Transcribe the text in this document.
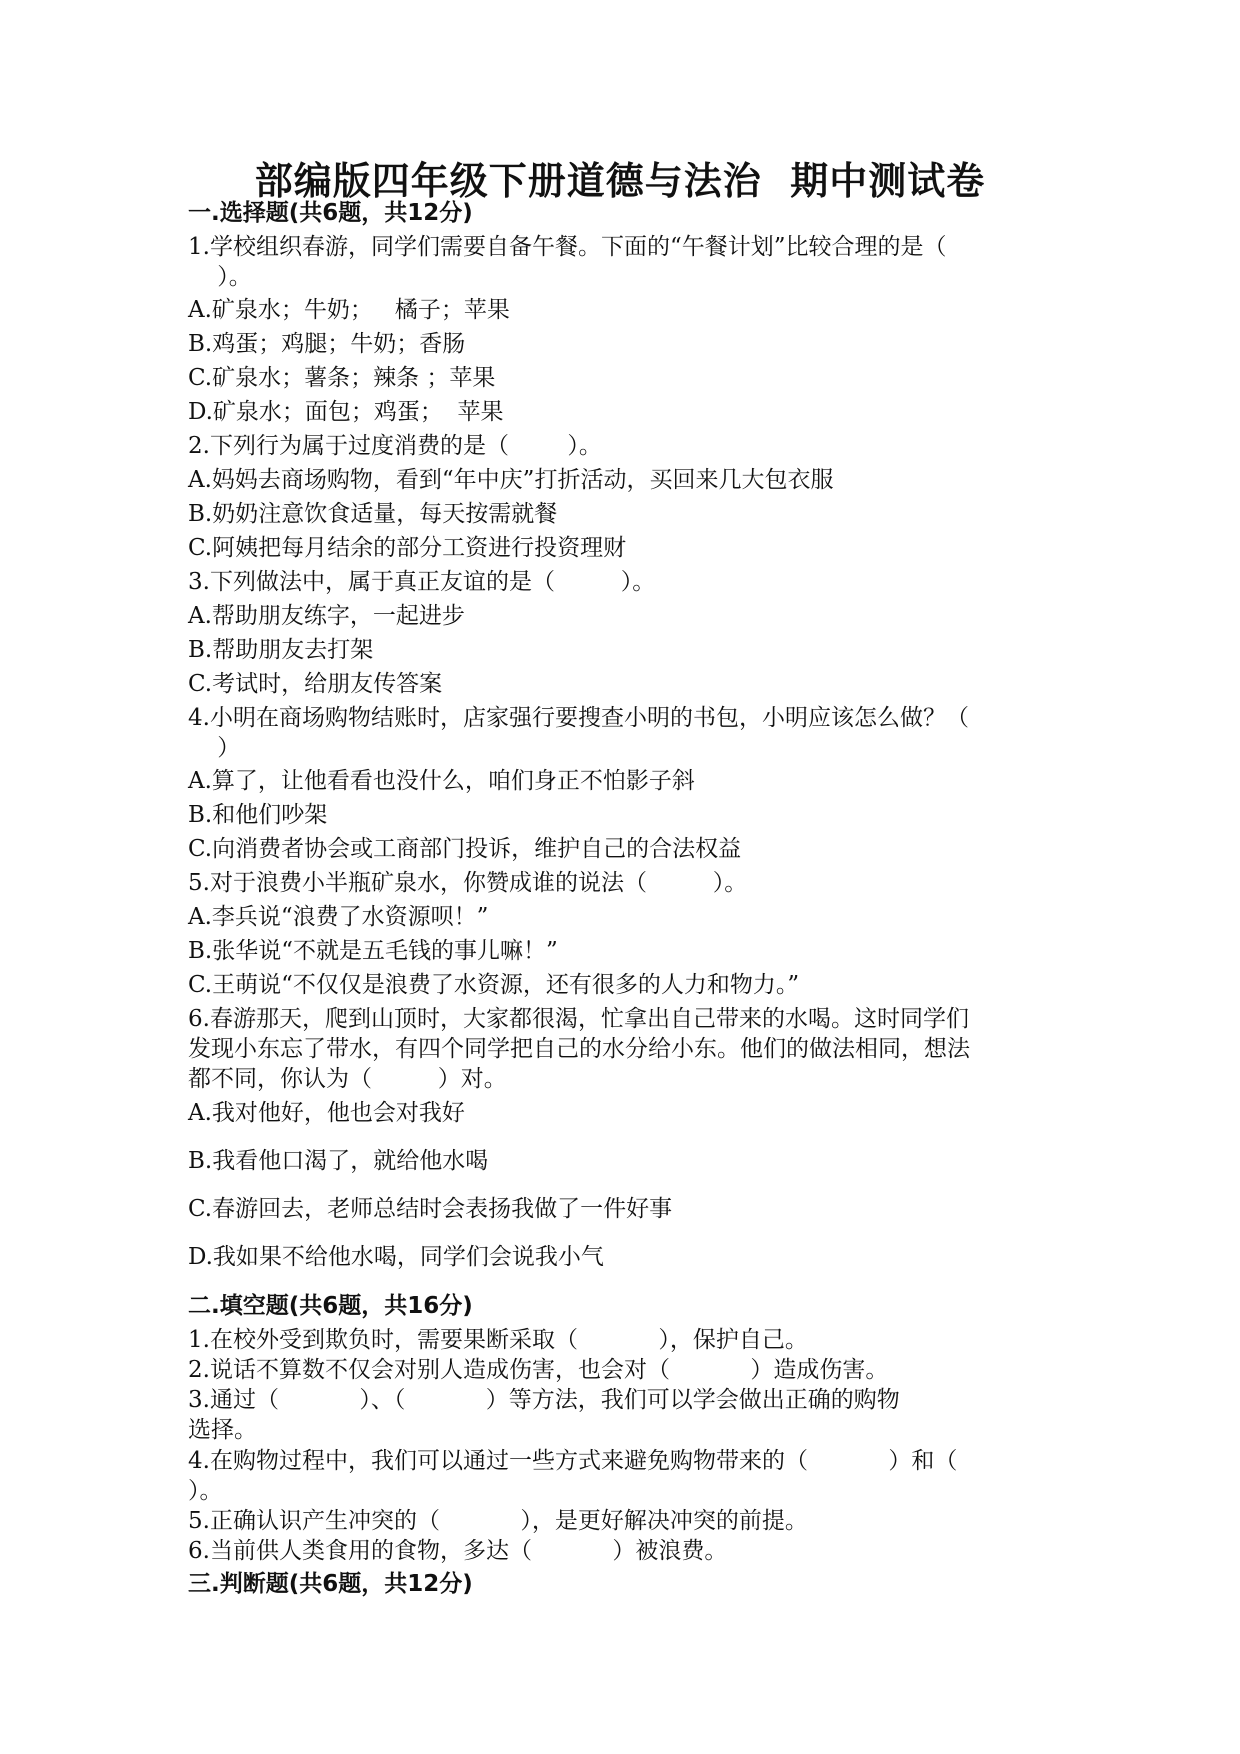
部编版四年级下册道德与法治  期中测试卷
一.选择题(共6题，共12分)
1.学校组织春游，同学们需要自备午餐。下面的“午餐计划”比较合理的是（
）。
A.矿泉水；牛奶；   橘子；苹果
B.鸡蛋；鸡腿；牛奶；香肠
C.矿泉水；薯条；辣条 ；苹果
D.矿泉水；面包；鸡蛋；  苹果
2.下列行为属于过度消费的是（        ）。
A.妈妈去商场购物，看到“年中庆”打折活动，买回来几大包衣服
B.奶奶注意饮食适量，每天按需就餐
C.阿姨把每月结余的部分工资进行投资理财
3.下列做法中，属于真正友谊的是（         ）。
A.帮助朋友练字，一起进步
B.帮助朋友去打架
C.考试时，给朋友传答案
4.小明在商场购物结账时，店家强行要搜查小明的书包，小明应该怎么做？（
）
A.算了，让他看看也没什么，咱们身正不怕影子斜
B.和他们吵架
C.向消费者协会或工商部门投诉，维护自己的合法权益
5.对于浪费小半瓶矿泉水，你赞成谁的说法（         ）。
A.李兵说“浪费了水资源呗！”
B.张华说“不就是五毛钱的事儿嘛！”
C.王萌说“不仅仅是浪费了水资源，还有很多的人力和物力。”
6.春游那天，爬到山顶时，大家都很渴，忙拿出自己带来的水喝。这时同学们
发现小东忘了带水，有四个同学把自己的水分给小东。他们的做法相同，想法
都不同，你认为（         ）对。
A.我对他好，他也会对我好
B.我看他口渴了，就给他水喝
C.春游回去，老师总结时会表扬我做了一件好事
D.我如果不给他水喝，同学们会说我小气
二.填空题(共6题，共16分)
1.在校外受到欺负时，需要果断采取（           ），保护自己。
2.说话不算数不仅会对别人造成伤害，也会对（           ）造成伤害。
3.通过（           ）、（           ）等方法，我们可以学会做出正确的购物
选择。
4.在购物过程中，我们可以通过一些方式来避免购物带来的（           ）和（
）。
5.正确认识产生冲突的（           ），是更好解决冲突的前提。
6.当前供人类食用的食物，多达（           ）被浪费。
三.判断题(共6题，共12分)
